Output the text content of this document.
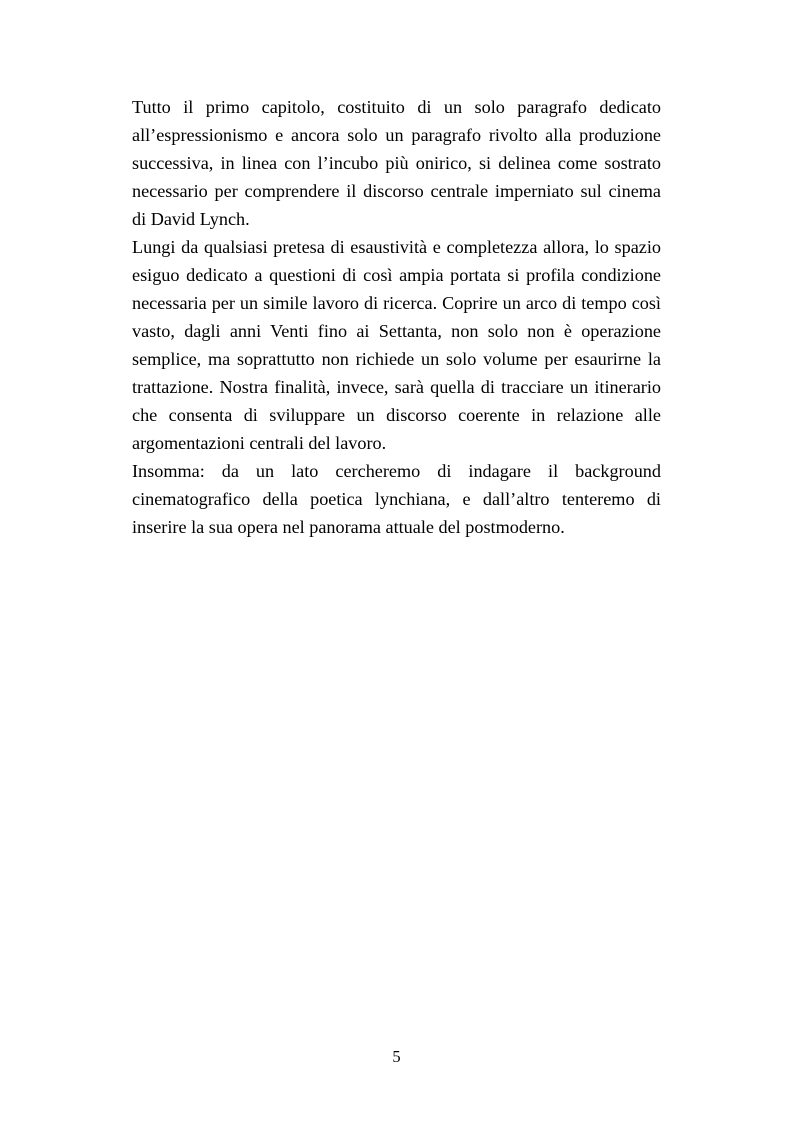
Tutto il primo capitolo, costituito di un solo paragrafo dedicato all’espressionismo e ancora solo un paragrafo rivolto alla produzione successiva, in linea con l’incubo più onirico, si delinea come sostrato necessario per comprendere il discorso centrale imperniato sul cinema di David Lynch.

Lungi da qualsiasi pretesa di esaustività e completezza allora, lo spazio esiguo dedicato a questioni di così ampia portata si profila condizione necessaria per un simile lavoro di ricerca. Coprire un arco di tempo così vasto, dagli anni Venti fino ai Settanta, non solo non è operazione semplice, ma soprattutto non richiede un solo volume per esaurirne la trattazione. Nostra finalità, invece, sarà quella di tracciare un itinerario che consenta di sviluppare un discorso coerente in relazione alle argomentazioni centrali del lavoro.

Insomma: da un lato cercheremo di indagare il background cinematografico della poetica lynchiana, e dall’altro tenteremo di inserire la sua opera nel panorama attuale del postmoderno.

5
